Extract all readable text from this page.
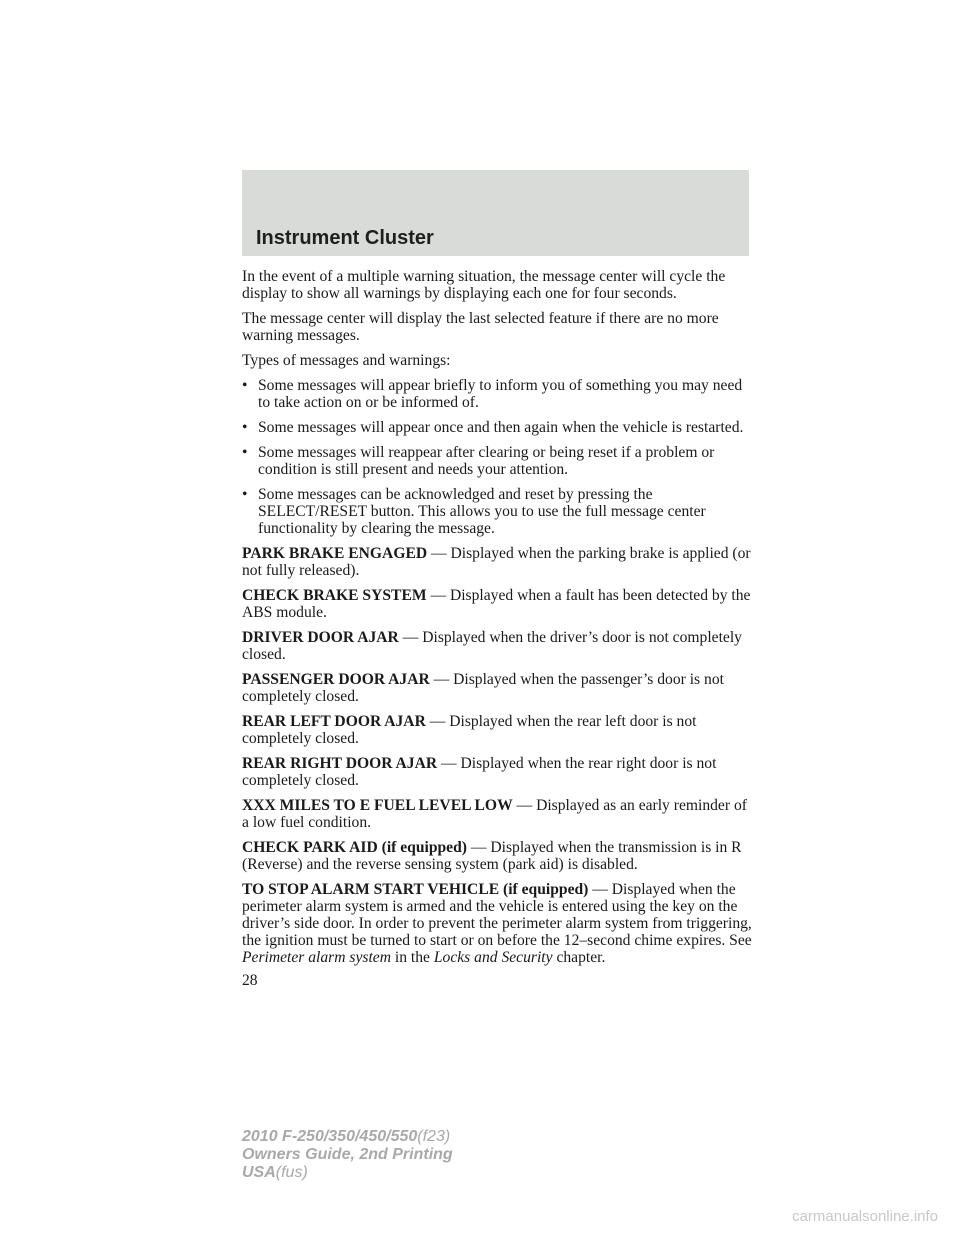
Instrument Cluster

In the event of a multiple warning situation, the message center will cycle the display to show all warnings by displaying each one for four seconds.

The message center will display the last selected feature if there are no more warning messages.

Types of messages and warnings:

• Some messages will appear briefly to inform you of something you may need to take action on or be informed of.
• Some messages will appear once and then again when the vehicle is restarted.
• Some messages will reappear after clearing or being reset if a problem or condition is still present and needs your attention.
• Some messages can be acknowledged and reset by pressing the SELECT/RESET button. This allows you to use the full message center functionality by clearing the message.

PARK BRAKE ENGAGED — Displayed when the parking brake is applied (or not fully released).

CHECK BRAKE SYSTEM — Displayed when a fault has been detected by the ABS module.

DRIVER DOOR AJAR — Displayed when the driver’s door is not completely closed.

PASSENGER DOOR AJAR — Displayed when the passenger’s door is not completely closed.

REAR LEFT DOOR AJAR — Displayed when the rear left door is not completely closed.

REAR RIGHT DOOR AJAR — Displayed when the rear right door is not completely closed.

XXX MILES TO E FUEL LEVEL LOW — Displayed as an early reminder of a low fuel condition.

CHECK PARK AID (if equipped) — Displayed when the transmission is in R (Reverse) and the reverse sensing system (park aid) is disabled.

TO STOP ALARM START VEHICLE (if equipped) — Displayed when the perimeter alarm system is armed and the vehicle is entered using the key on the driver’s side door. In order to prevent the perimeter alarm system from triggering, the ignition must be turned to start or on before the 12–second chime expires. See Perimeter alarm system in the Locks and Security chapter.

28

2010 F-250/350/450/550(f23)
Owners Guide, 2nd Printing
USA(fus)

carmanualsonline.info
